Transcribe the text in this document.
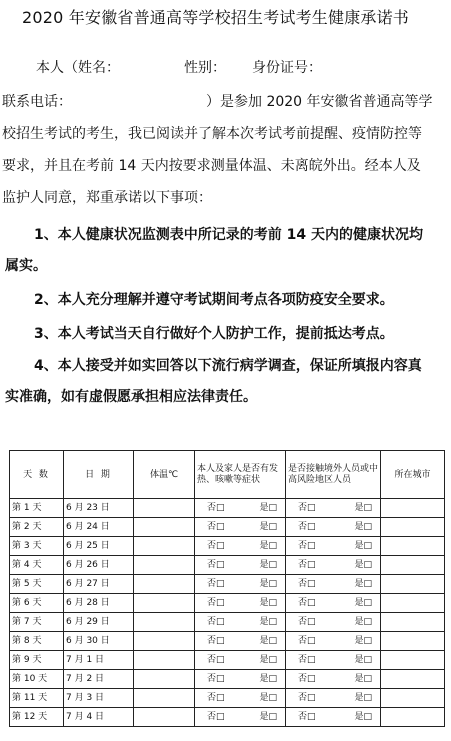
2020 年安徽省普通高等学校招生考试考生健康承诺书
本人（姓名：	性别： 身份证号：
联系电话：	）是参加 2020 年安徽省普通高等学
校招生考试的考生，我已阅读并了解本次考试考前提醒、疫情防控等
要求，并且在考前 14 天内按要求测量体温、未离皖外出。经本人及
监护人同意，郑重承诺以下事项：
1、本人健康状况监测表中所记录的考前 14 天内的健康状况均
属实。
2、本人充分理解并遵守考试期间考点各项防疫安全要求。
3、本人考试当天自行做好个人防护工作，提前抵达考点。
4、本人接受并如实回答以下流行病学调查，保证所填报内容真
实准确，如有虚假愿承担相应法律责任。
天 数	日 期	体温℃	本人及家人是否有发热、咳嗽等症状	是否接触境外人员或中高风险地区人员	所在城市
第 1 天	6 月 23 日		否□ 是□	否□ 是□	

第 2 天	6 月 24 日		否□ 是□	否□ 是□	

第 3 天	6 月 25 日		否□ 是□	否□ 是□	

第 4 天	6 月 26 日		否□ 是□	否□ 是□	

第 5 天	6 月 27 日		否□ 是□	否□ 是□	

第 6 天	6 月 28 日		否□ 是□	否□ 是□	

第 7 天	6 月 29 日		否□ 是□	否□ 是□	

第 8 天	6 月 30 日		否□ 是□	否□ 是□	

第 9 天	7 月 1 日		否□ 是□	否□ 是□	

第 10 天	7 月 2 日		否□ 是□	否□ 是□	

第 11 天	7 月 3 日		否□ 是□	否□ 是□	

第 12 天	7 月 4 日		否□ 是□	否□ 是□	
